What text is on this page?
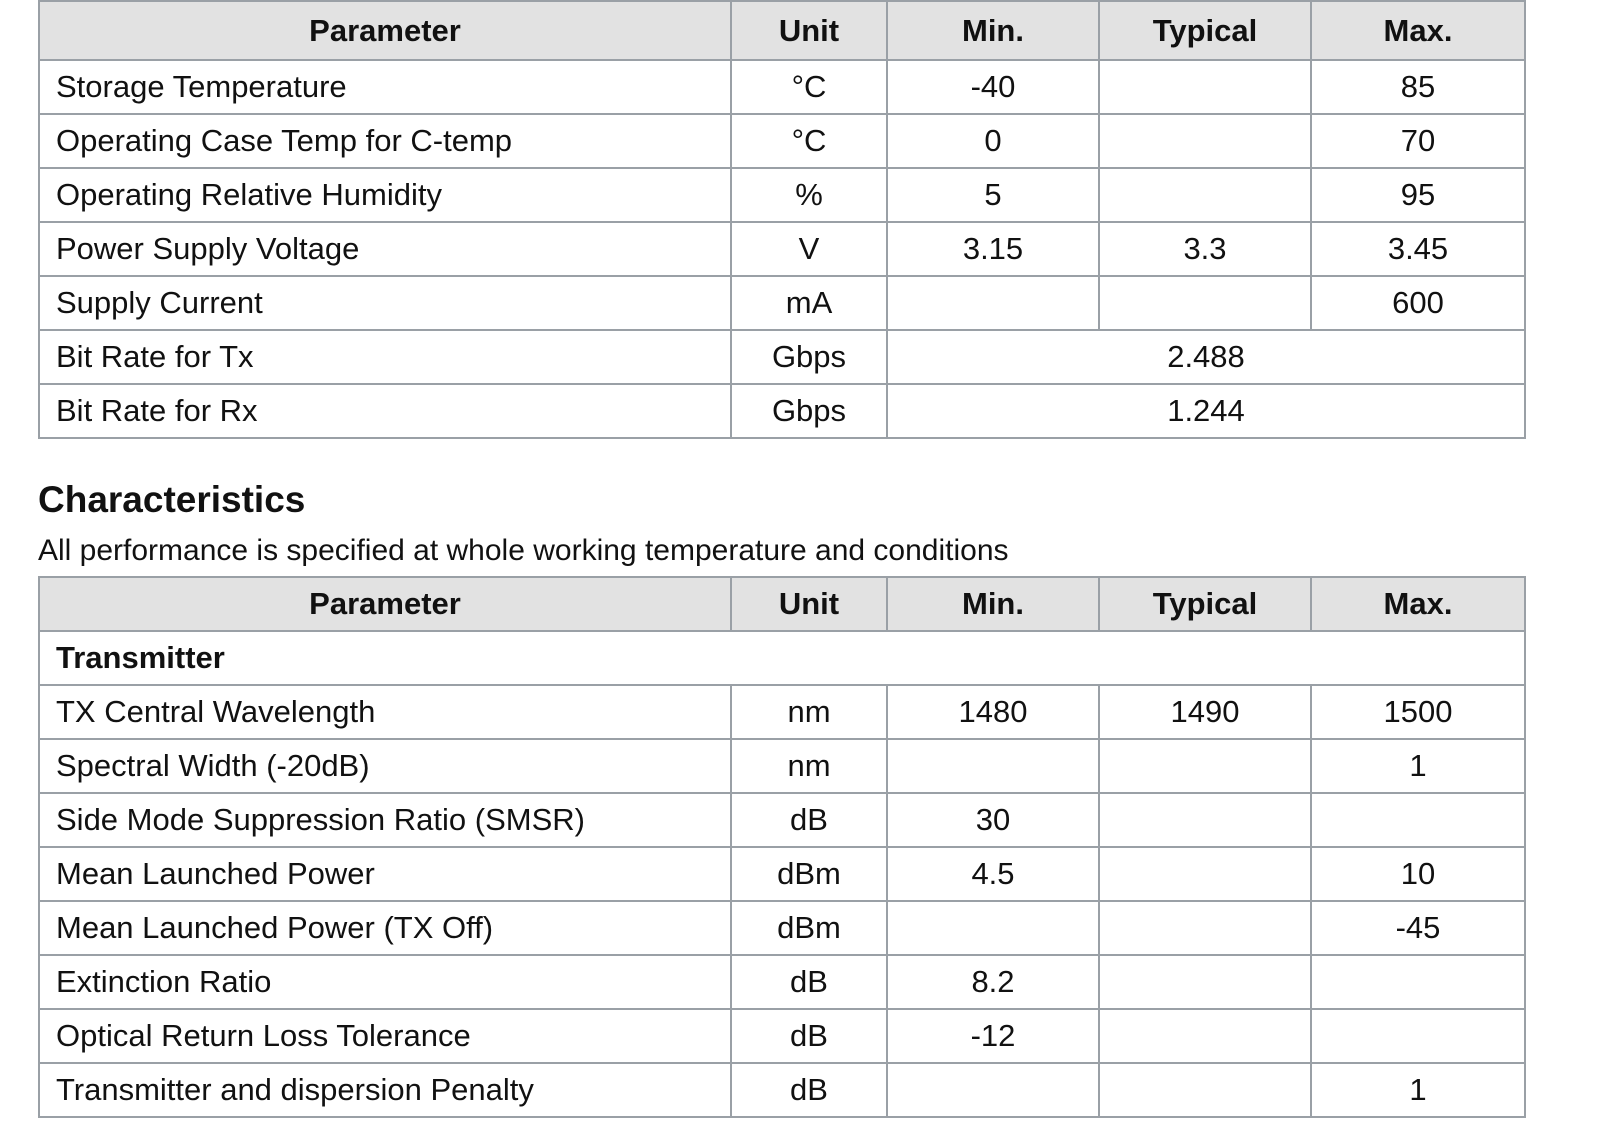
Parameter	Unit	Min.	Typical	Max.
Storage Temperature	°C	-40		85
Operating Case Temp for C-temp	°C	0		70
Operating Relative Humidity	%	5		95
Power Supply Voltage	V	3.15	3.3	3.45
Supply Current	mA			600
Bit Rate for Tx	Gbps	2.488		
Bit Rate for Rx	Gbps	1.244		
Characteristics

All performance is specified at whole working temperature and conditions

Parameter	Unit	Min.	Typical	Max.
Transmitter				
TX Central Wavelength	nm	1480	1490	1500
Spectral Width (-20dB)	nm			1
Side Mode Suppression Ratio (SMSR)	dB	30		
Mean Launched Power	dBm	4.5		10
Mean Launched Power (TX Off)	dBm			-45
Extinction Ratio	dB	8.2		
Optical Return Loss Tolerance	dB	-12		
Transmitter and dispersion Penalty	dB			1
